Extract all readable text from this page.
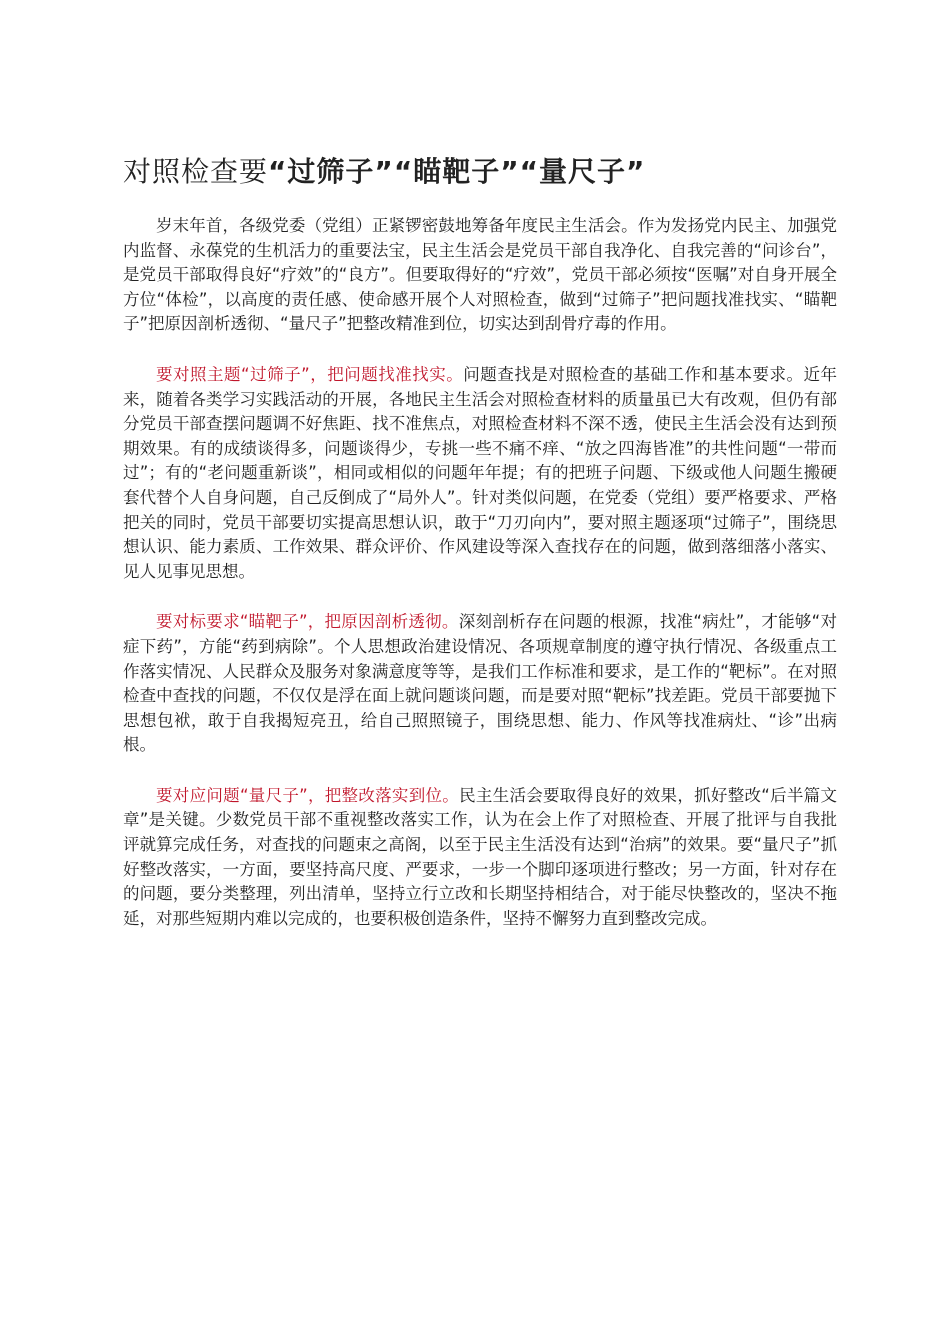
对照检查要“过筛子”“瞄靶子”“量尺子”

岁末年首，各级党委（党组）正紧锣密鼓地筹备年度民主生活会。作为发扬党内民主、加强党内监督、永葆党的生机活力的重要法宝，民主生活会是党员干部自我净化、自我完善的“问诊台”，是党员干部取得良好“疗效”的“良方”。但要取得好的“疗效”，党员干部必须按“医嘱”对自身开展全方位“体检”，以高度的责任感、使命感开展个人对照检查，做到“过筛子”把问题找准找实、“瞄靶子”把原因剖析透彻、“量尺子”把整改精准到位，切实达到刮骨疗毒的作用。

要对照主题“过筛子”，把问题找准找实。问题查找是对照检查的基础工作和基本要求。近年来，随着各类学习实践活动的开展，各地民主生活会对照检查材料的质量虽已大有改观，但仍有部分党员干部查摆问题调不好焦距、找不准焦点，对照检查材料不深不透，使民主生活会没有达到预期效果。有的成绩谈得多，问题谈得少，专挑一些不痛不痒、“放之四海皆准”的共性问题“一带而过”；有的“老问题重新谈”，相同或相似的问题年年提；有的把班子问题、下级或他人问题生搬硬套代替个人自身问题，自己反倒成了“局外人”。针对类似问题，在党委（党组）要严格要求、严格把关的同时，党员干部要切实提高思想认识，敢于“刀刃向内”，要对照主题逐项“过筛子”，围绕思想认识、能力素质、工作效果、群众评价、作风建设等深入查找存在的问题，做到落细落小落实、见人见事见思想。

要对标要求“瞄靶子”，把原因剖析透彻。深刻剖析存在问题的根源，找准“病灶”，才能够“对症下药”，方能“药到病除”。个人思想政治建设情况、各项规章制度的遵守执行情况、各级重点工作落实情况、人民群众及服务对象满意度等等，是我们工作标准和要求，是工作的“靶标”。在对照检查中查找的问题，不仅仅是浮在面上就问题谈问题，而是要对照“靶标”找差距。党员干部要抛下思想包袱，敢于自我揭短亮丑，给自己照照镜子，围绕思想、能力、作风等找准病灶、“诊”出病根。

要对应问题“量尺子”，把整改落实到位。民主生活会要取得良好的效果，抓好整改“后半篇文章”是关键。少数党员干部不重视整改落实工作，认为在会上作了对照检查、开展了批评与自我批评就算完成任务，对查找的问题束之高阁，以至于民主生活没有达到“治病”的效果。要“量尺子”抓好整改落实，一方面，要坚持高尺度、严要求，一步一个脚印逐项进行整改；另一方面，针对存在的问题，要分类整理，列出清单，坚持立行立改和长期坚持相结合，对于能尽快整改的，坚决不拖延，对那些短期内难以完成的，也要积极创造条件，坚持不懈努力直到整改完成。
